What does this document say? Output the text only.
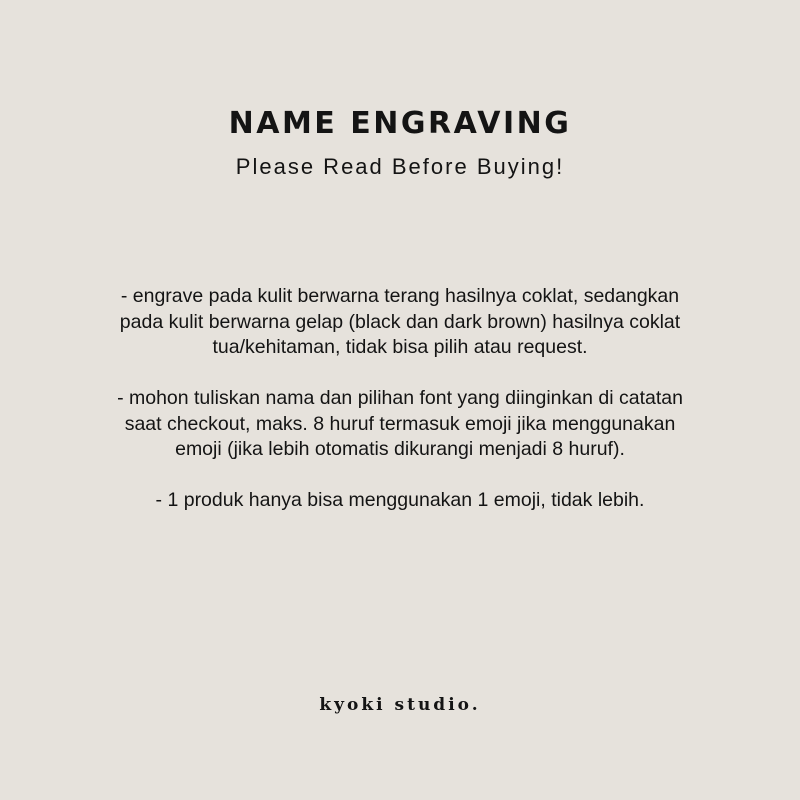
NAME ENGRAVING

Please Read Before Buying!

- engrave pada kulit berwarna terang hasilnya coklat, sedangkan pada kulit berwarna gelap (black dan dark brown) hasilnya coklat tua/kehitaman, tidak bisa pilih atau request.

- mohon tuliskan nama dan pilihan font yang diinginkan di catatan saat checkout, maks. 8 huruf termasuk emoji jika menggunakan emoji (jika lebih otomatis dikurangi menjadi 8 huruf).

- 1 produk hanya bisa menggunakan 1 emoji, tidak lebih.

kyoki studio.
